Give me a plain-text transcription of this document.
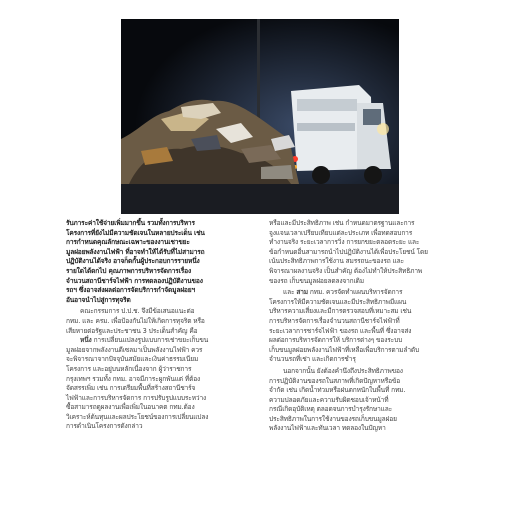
รับภาระค่าใช้จ่ายเพิ่มมากขึ้น รวมทั้งการบริหาร
โครงการที่ยังไม่มีความชัดเจนในหลายประเด็น เช่น
การกำหนดคุณลักษณะเฉพาะของงานเชาขยะ
มูลฝอยพลังงานไฟฟ้า ที่อาจทำให้ได้รับที่ไม่สามารถ
ปฏิบัติงานได้จริง อาจก็ดกั้นผู้ประกอบการรายหนึ่ง
รายใดได้ดกไป คุณภาพการบริหารจัดการเรื่อง
จำนวนสถานีชาร์จไฟฟ้า การทดลองปฏิบัติงานของ
รถฯ ซึ่งอาจส่งผลต่อการจัดบริการกำจัดมูลฝอยฯ
อันอาจนำไปสู่การทุจริต

คณะกรรมการ ป.ป.ช. จึงมีข้อเสนอแนะต่อ
กทม. และ ครม. เพื่อป้องกันไม่ให้เกิดการทุจริต หรือ
เสียหายต่อรัฐและประชาชน 3 ประเด็นสำคัญ คือ

หนึ่ง การเปลี่ยนแปลงรูปแบบการเช่าขยะเก็บขน
มูลฝอยจากพลังงานดีเซลมาเป็นพลังงานไฟฟ้า ควร
จะพิจารณาจากปัจจุบันสมัยและเงินค่าธรรมเนียม
โครงการ และอยู่บนหลักเนื่องจาก ผู้ว่าราชการ
กรุงเทพฯ รวมทั้ง กทม. อาจมีภาระผูกพันแต่ ที่ต้อง
จัดสรรเพิ่ม เช่น การเตรียมพื้นที่สร้างสถานีชาร์จ
ไฟฟ้าและการบริหารจัดการ การปรับรูปแบบระหว่าง
ซื้อสามารถดูผลงานเพื่อเพิ่มในอนาคต กทม.ต้อง
วิเคราะห์ต้นทุนและผลประโยชน์ของการเปลี่ยนแปลง
การดำเนินโครงการดังกล่าว

หรือและมีประสิทธิภาพ เช่น กำหนดมาตรฐานและการ
จูงแจนเวลาเปรียบเทียบแต่ละประเภท เพื่อทดสอบการ
ทำงานจริง ระยะเวลาการวิ่ง การยกขยะตลอดระยะ และ
ข้อกำหนดอื่นสามารถนำไปปฏิบัติงานได้เพื่อประโยชน์ โดย
เน้นประสิทธิภาพการใช้งาน สมรรถนะของรถ และ
พิจารณาผลงานจริง เป็นสำคัญ ต้องไม่ทำให้ประสิทธิภาพ
ของรถ เก็บขนมูลฝอยลดลงจากเดิม

และ สาม กทม. ควรจัดทำแผนบริหารจัดการ
โครงการให้มีความชัดเจนและมีประสิทธิภาพมีแผน
บริหารความเสี่ยงและมีการตรวจสอบที่เหมาะสม เช่น
การบริหารจัดการเรื่องจำนวนสถานีชาร์จไฟฟ้าที่
ระยะเวลาการชาร์จไฟฟ้า ของรถ และพื้นที่ ซึ่งอาจส่ง
ผลต่อการบริหารจัดการให้ บริการต่างๆ ของระบบ
เก็บขนมูลฝอยพลังงานไฟฟ้าที่เหลือเพื่อบริการตามลำดับ
จำนวนรถที่เช่า และเกิดการชำรุ

นอกจากนั้น ยังต้องคำนึงถึงประสิทธิภาพของ
การปฏิบัติงานของรถในสภาพที่เกิดปัญหาหรือข้อ
จำกัด เช่น เกิดน้ำท่วมหรือฝนตกหนักในพื้นที่ กทม.
ความปลอดภัยและความรับผิดชอบเจ้าหน้าที่
กรณีเกิดอุบัติเหตุ ตลอดจนการบำรุงรักษาและ
ประสิทธิภาพในการใช้งานของรถเก็บขนมูลฝอย
พลังงานไฟฟ้าและทันเวลา ทดลองในปัญหา
